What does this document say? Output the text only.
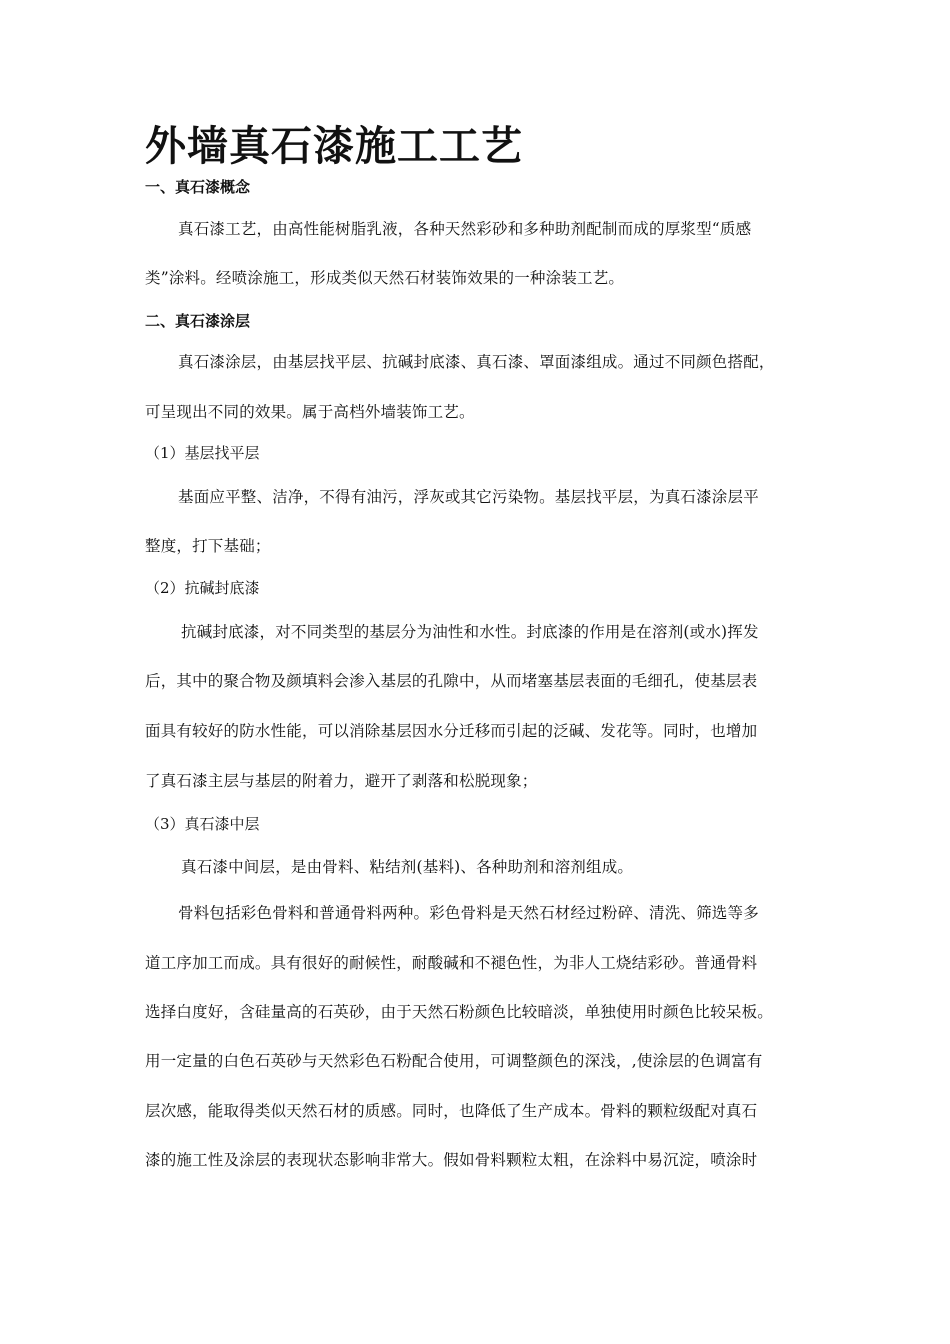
外墙真石漆施工工艺
一、真石漆概念
真石漆工艺，由高性能树脂乳液，各种天然彩砂和多种助剂配制而成的厚浆型“质感
类”涂料。经喷涂施工，形成类似天然石材装饰效果的一种涂装工艺。
二、真石漆涂层
真石漆涂层，由基层找平层、抗碱封底漆、真石漆、罩面漆组成。通过不同颜色搭配，
可呈现出不同的效果。属于高档外墙装饰工艺。
（1）基层找平层
基面应平整、洁净，不得有油污，浮灰或其它污染物。基层找平层，为真石漆涂层平
整度，打下基础；
（2）抗碱封底漆
抗碱封底漆，对不同类型的基层分为油性和水性。封底漆的作用是在溶剂(或水)挥发
后，其中的聚合物及颜填料会渗入基层的孔隙中，从而堵塞基层表面的毛细孔，使基层表
面具有较好的防水性能，可以消除基层因水分迁移而引起的泛碱、发花等。同时，也增加
了真石漆主层与基层的附着力，避开了剥落和松脱现象；
（3）真石漆中层
真石漆中间层，是由骨料、粘结剂(基料)、各种助剂和溶剂组成。
骨料包括彩色骨料和普通骨料两种。彩色骨料是天然石材经过粉碎、清洗、筛选等多
道工序加工而成。具有很好的耐候性，耐酸碱和不褪色性，为非人工烧结彩砂。普通骨料
选择白度好，含硅量高的石英砂，由于天然石粉颜色比较暗淡，单独使用时颜色比较呆板。
用一定量的白色石英砂与天然彩色石粉配合使用，可调整颜色的深浅，,使涂层的色调富有
层次感，能取得类似天然石材的质感。同时，也降低了生产成本。骨料的颗粒级配对真石
漆的施工性及涂层的表现状态影响非常大。假如骨料颗粒太粗，在涂料中易沉淀，喷涂时
